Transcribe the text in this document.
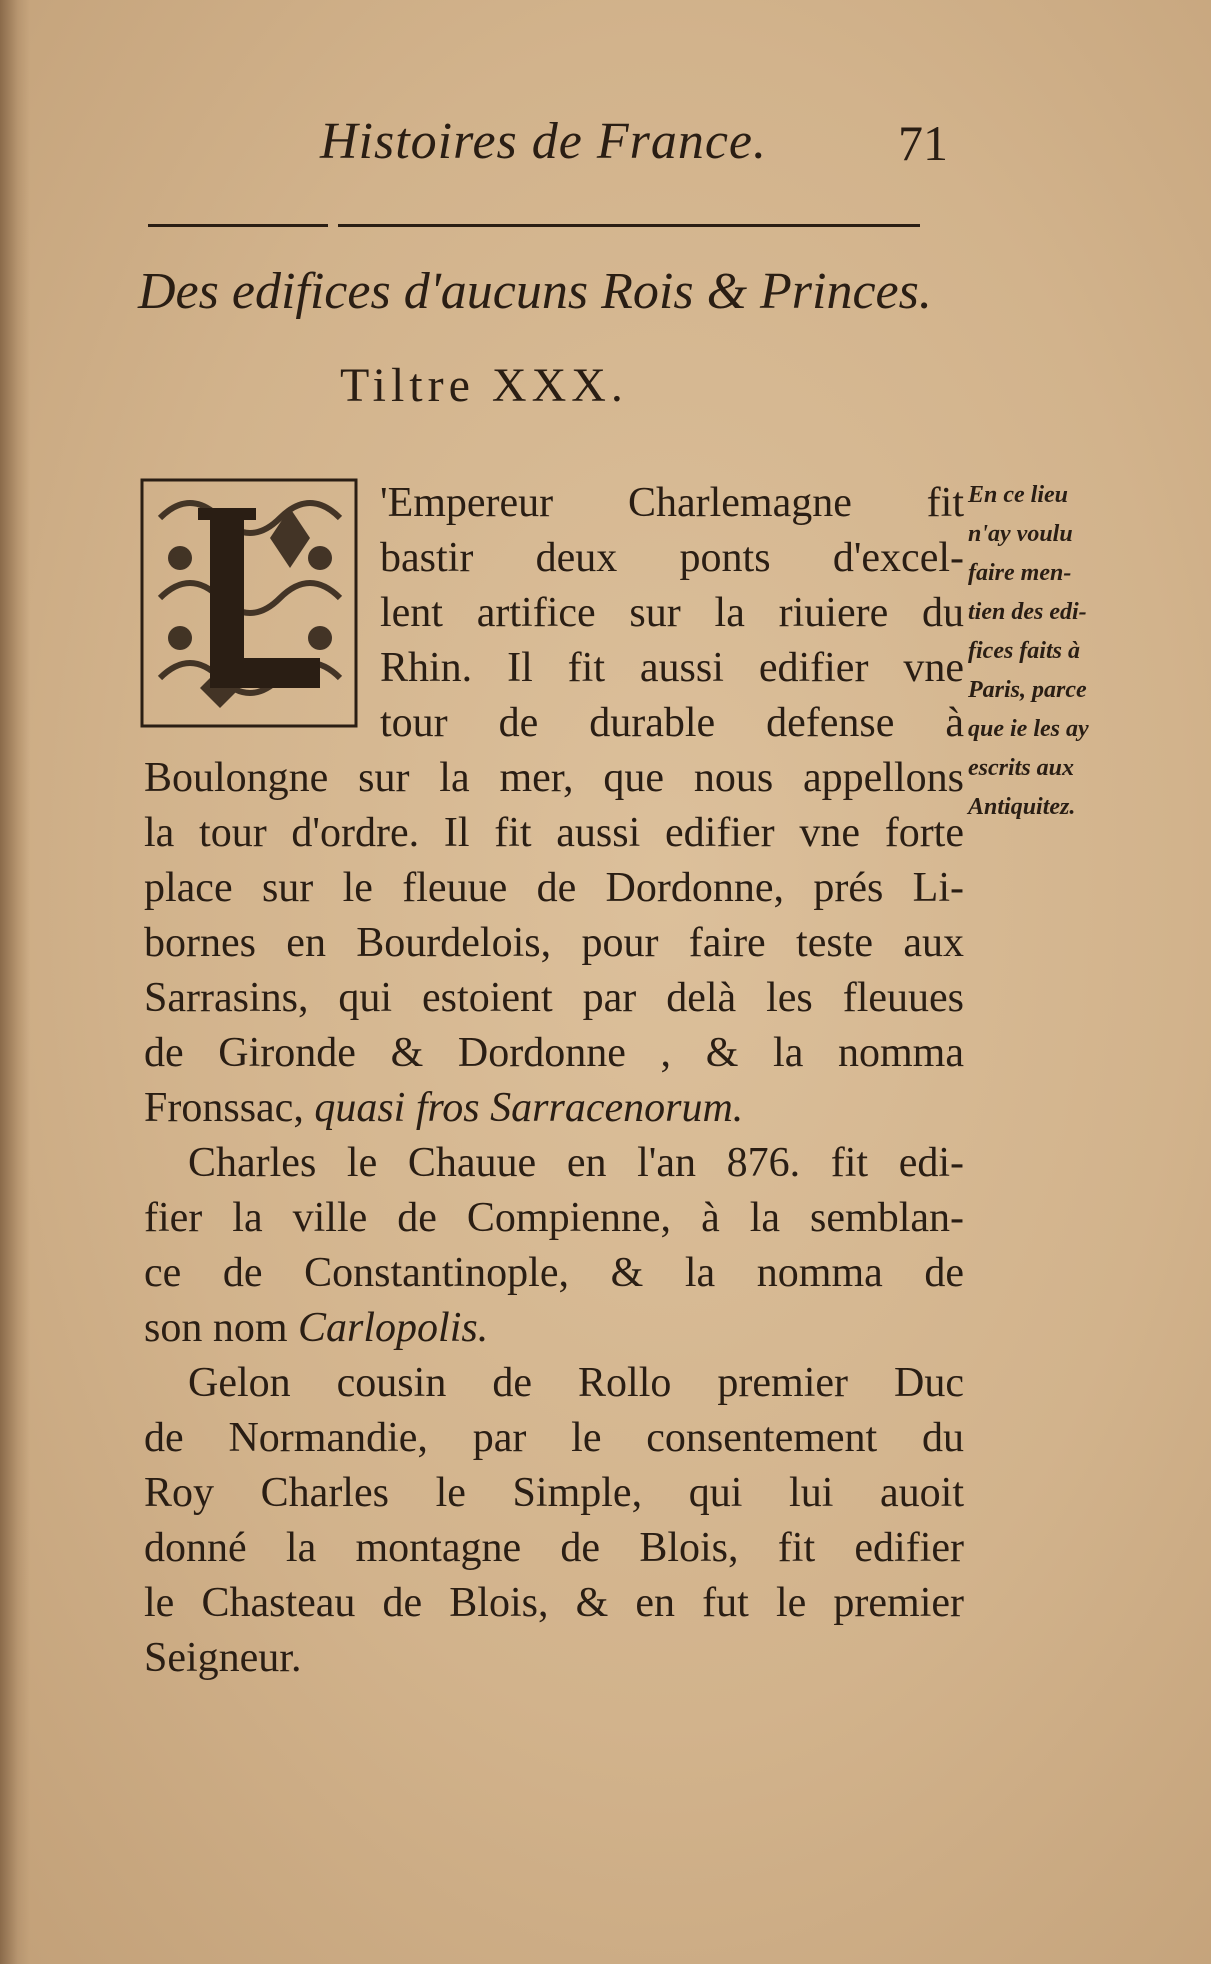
Histoires de France.	71
Des edifices d'aucuns Rois & Princes.
Tiltre XXX.
'Empereur Charlemagne fit
bastir deux ponts d'excel-
lent artifice sur la riuiere du
Rhin. Il fit aussi edifier vne
tour de durable defense à
Boulongne sur la mer, que nous appellons
la tour d'ordre. Il fit aussi edifier vne forte
place sur le fleuue de Dordonne, prés Li-
bornes en Bourdelois, pour faire teste aux
Sarrasins, qui estoient par delà les fleuues
de Gironde & Dordonne , & la nomma
Fronssac, quasi fros Sarracenorum.
Charles le Chauue en l'an 876. fit edi-
fier la ville de Compienne, à la semblan-
ce de Constantinople, & la nomma de
son nom Carlopolis.
Gelon cousin de Rollo premier Duc
de Normandie, par le consentement du
Roy Charles le Simple, qui lui auoit
donné la montagne de Blois, fit edifier
le Chasteau de Blois, & en fut le premier
Seigneur.
En ce lieu
n'ay voulu
faire men-
tien des edi-
fices faits à
Paris, parce
que ie les ay
escrits aux
Antiquitez.
